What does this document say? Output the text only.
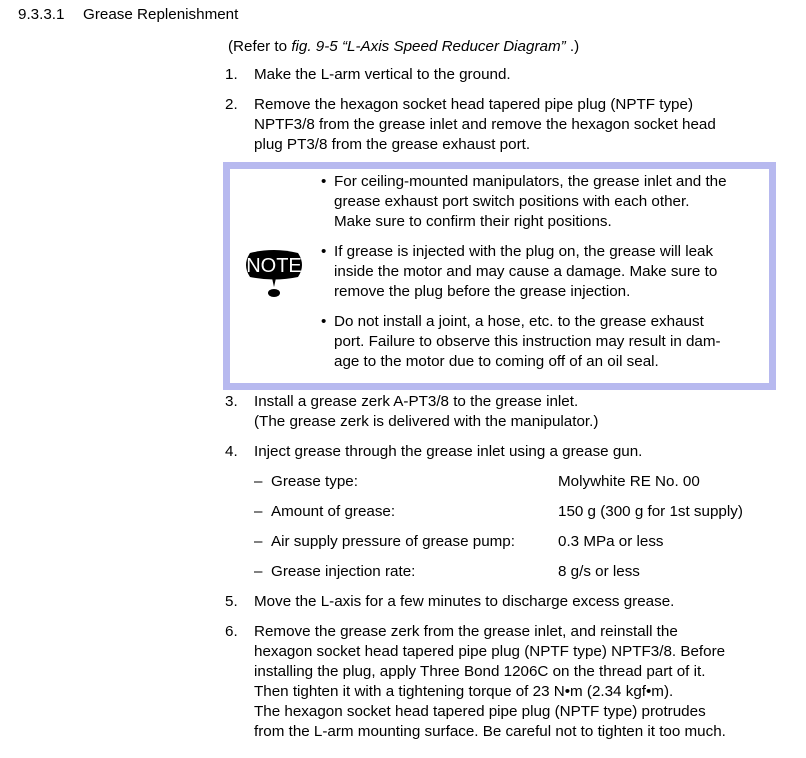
9.3.3.1 Grease Replenishment
(Refer to fig. 9-5 “L-Axis Speed Reducer Diagram” .)
1. Make the L-arm vertical to the ground.
2. Remove the hexagon socket head tapered pipe plug (NPTF type)
NPTF3/8 from the grease inlet and remove the hexagon socket head
plug PT3/8 from the grease exhaust port.
NOTE
• For ceiling-mounted manipulators, the grease inlet and the
grease exhaust port switch positions with each other.
Make sure to confirm their right positions.
• If grease is injected with the plug on, the grease will leak
inside the motor and may cause a damage. Make sure to
remove the plug before the grease injection.
• Do not install a joint, a hose, etc. to the grease exhaust
port. Failure to observe this instruction may result in dam-
age to the motor due to coming off of an oil seal.
3. Install a grease zerk A-PT3/8 to the grease inlet.
(The grease zerk is delivered with the manipulator.)
4. Inject grease through the grease inlet using a grease gun.
– Grease type:	Molywhite RE No. 00
– Amount of grease:	150 g (300 g for 1st supply)
– Air supply pressure of grease pump:	0.3 MPa or less
– Grease injection rate:	8 g/s or less
5. Move the L-axis for a few minutes to discharge excess grease.
6. Remove the grease zerk from the grease inlet, and reinstall the
hexagon socket head tapered pipe plug (NPTF type) NPTF3/8. Before
installing the plug, apply Three Bond 1206C on the thread part of it.
Then tighten it with a tightening torque of 23 N•m (2.34 kgf•m).
The hexagon socket head tapered pipe plug (NPTF type) protrudes
from the L-arm mounting surface. Be careful not to tighten it too much.
